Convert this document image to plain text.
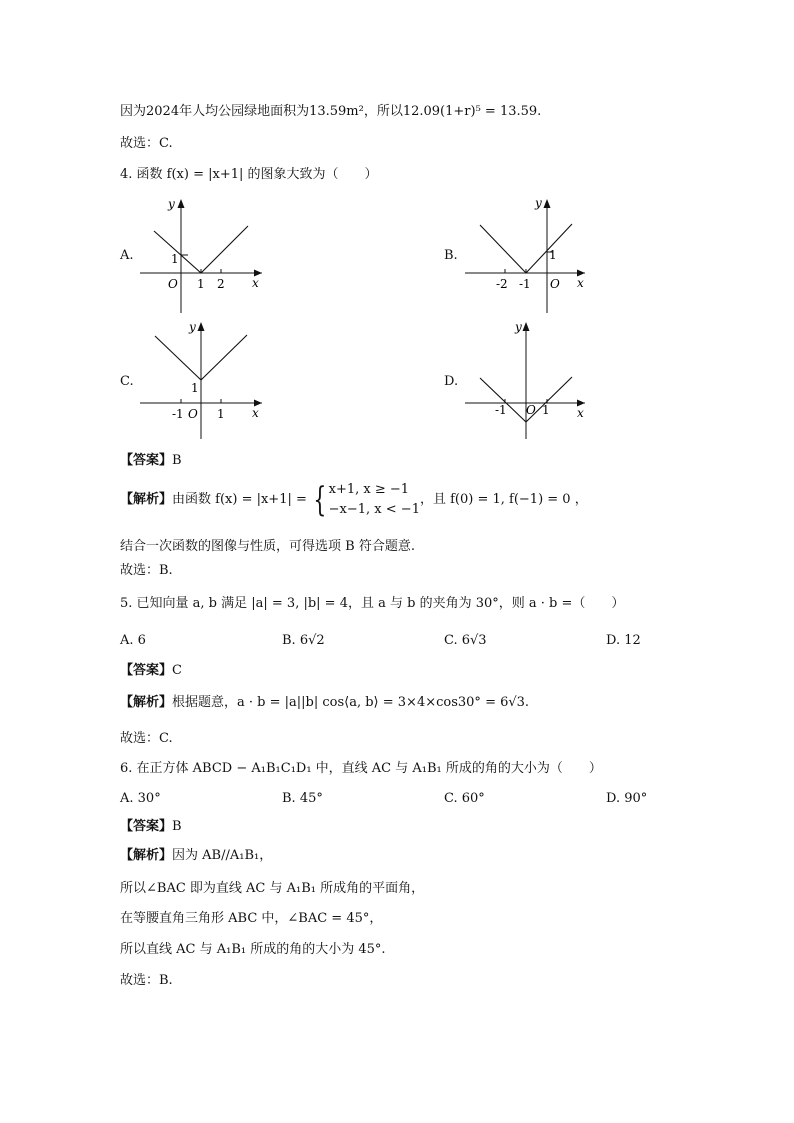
因为2024年人均公园绿地面积为13.59m²，所以12.09(1+r)⁵ = 13.59.
故选：C.
4. 函数 f(x) = |x+1| 的图象大致为（　　）
A.
y
x
1
O 1 2
B.
y
x
1
-2 -1 O
C.
y
x
1
-1 O 1
D.
y
x
-1 O 1
【答案】B
【解析】由函数 f(x) = |x+1| = { x+1, x ≥ −1
−x−1, x < −1
，且 f(0) = 1, f(−1) = 0 ，
结合一次函数的图像与性质，可得选项 B 符合题意.
故选：B.
5. 已知向量 a, b 满足 |a| = 3, |b| = 4，且 a 与 b 的夹角为 30°，则 a · b =（　　）
A. 6	B. 6√2	C. 6√3	D. 12
【答案】C
【解析】根据题意，a · b = |a||b| cos⟨a, b⟩ = 3×4×cos30° = 6√3.
故选：C.
6. 在正方体 ABCD − A₁B₁C₁D₁ 中，直线 AC 与 A₁B₁ 所成的角的大小为（　　）
A. 30°	B. 45°	C. 60°	D. 90°
【答案】B
【解析】因为 AB//A₁B₁，
所以∠BAC 即为直线 AC 与 A₁B₁ 所成角的平面角，
在等腰直角三角形 ABC 中，∠BAC = 45°，
所以直线 AC 与 A₁B₁ 所成的角的大小为 45°.
故选：B.
